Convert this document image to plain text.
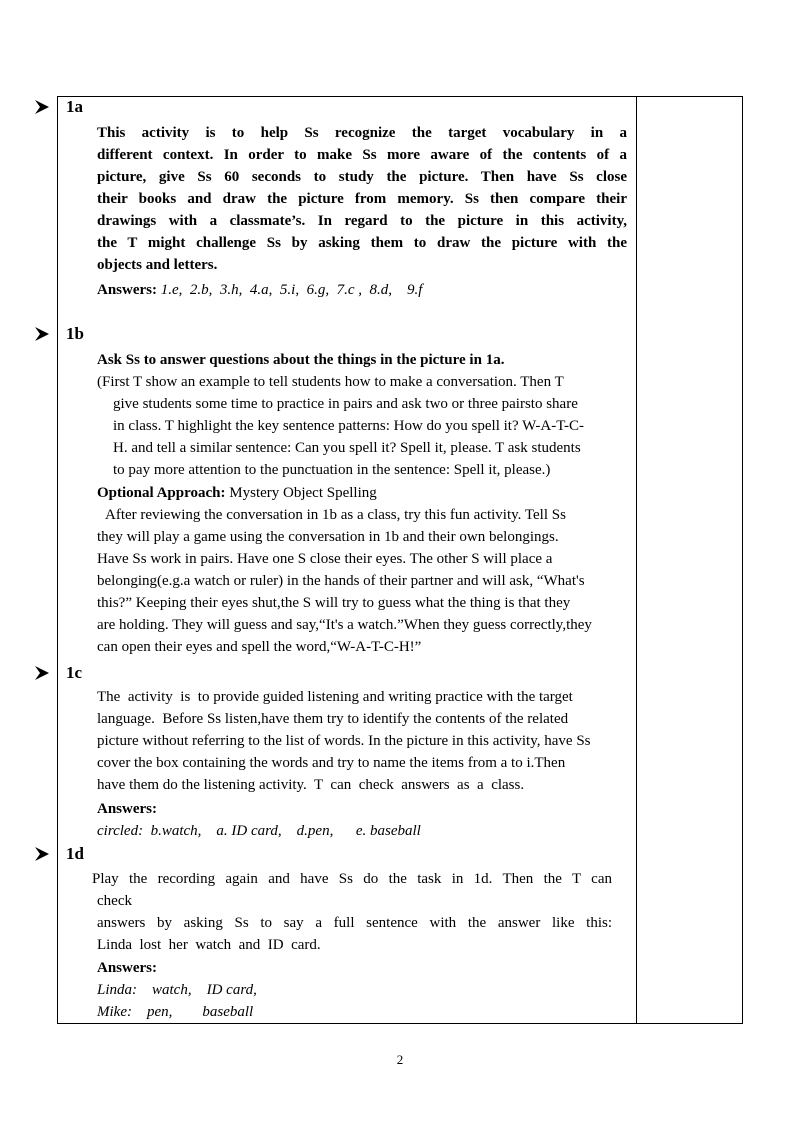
1a
This activity is to help Ss recognize the target vocabulary in a
different context. In order to make Ss more aware of the contents of a
picture, give Ss 60 seconds to study the picture. Then have Ss close
their books and draw the picture from memory. Ss then compare their
drawings with a classmate’s. In regard to the picture in this activity,
the T might challenge Ss by asking them to draw the picture with the
objects and letters.
Answers: 1.e,  2.b,  3.h,  4.a,  5.i,  6.g,  7.c ,  8.d,    9.f
1b
Ask Ss to answer questions about the things in the picture in 1a.
(First T show an example to tell students how to make a conversation. Then T
give students some time to practice in pairs and ask two or three pairsto share
in class. T highlight the key sentence patterns: How do you spell it? W-A-T-C-
H. and tell a similar sentence: Can you spell it? Spell it, please. T ask students
to pay more attention to the punctuation in the sentence: Spell it, please.)
Optional Approach: Mystery Object Spelling
After reviewing the conversation in 1b as a class, try this fun activity. Tell Ss
they will play a game using the conversation in 1b and their own belongings.
Have Ss work in pairs. Have one S close their eyes. The other S will place a
belonging(e.g.a watch or ruler) in the hands of their partner and will ask, “What's
this?” Keeping their eyes shut,the S will try to guess what the thing is that they
are holding. They will guess and say,“It's a watch.”When they guess correctly,they
can open their eyes and spell the word,“W-A-T-C-H!”
1c
The  activity  is  to provide guided listening and writing practice with the target
language.  Before Ss listen,have them try to identify the contents of the related
picture without referring to the list of words. In the picture in this activity, have Ss
cover the box containing the words and try to name the items from a to i.Then
have them do the listening activity.  T  can  check  answers  as  a  class.
Answers:
circled:  b.watch,    a. ID card,    d.pen,      e. baseball
1d
Play the recording again and have Ss do the task in 1d. Then the T can
check
answers by asking Ss to say a full sentence with the answer like this:
Linda  lost  her  watch  and  ID  card.
Answers:
Linda:    watch,    ID card,
Mike:    pen,        baseball
2
